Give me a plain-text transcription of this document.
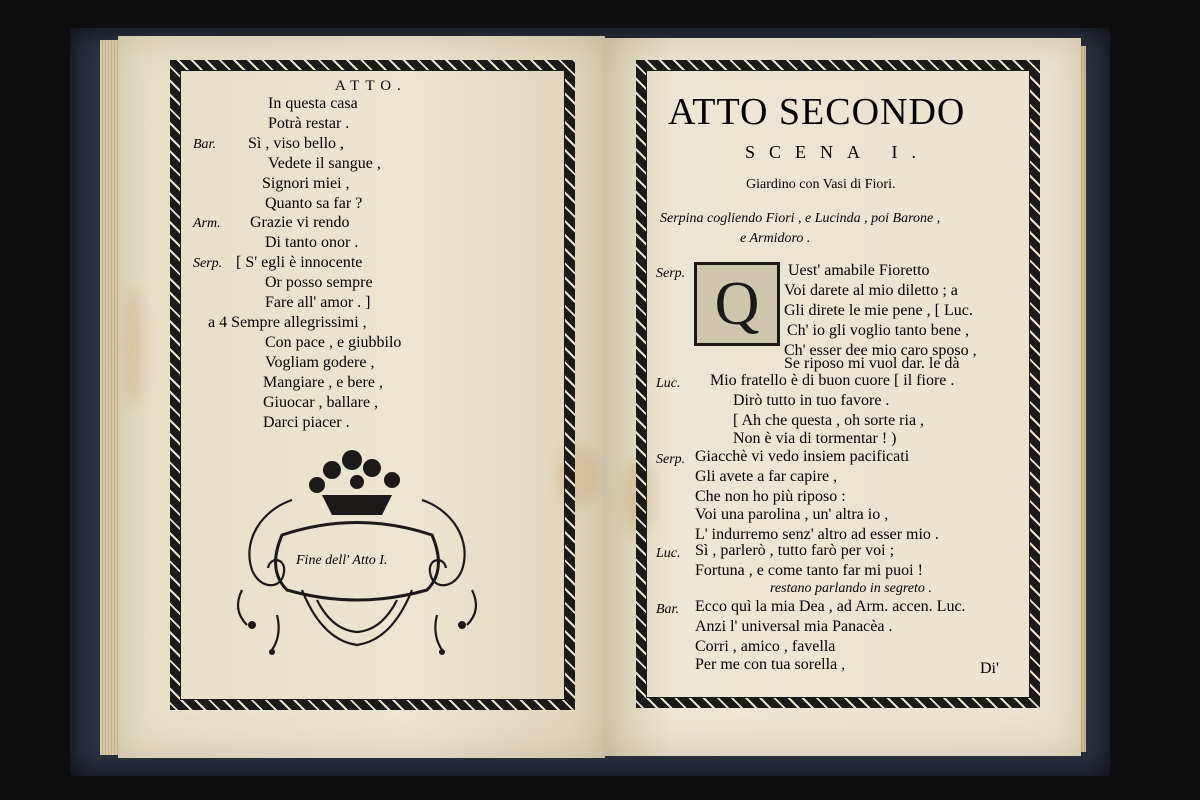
ATTO.
In questa casa
Potrà restar .
Bar. Sì , viso bello ,
Vedete il sangue ,
Signori miei ,
Quanto sa far ?
Arm. Grazie vi rendo
Di tanto onor .
Serp. [ S' egli è innocente
Or posso sempre
Fare all' amor . ]
a 4 Sempre allegrissimi ,
Con pace , e giubbilo
Vogliam godere ,
Mangiare , e bere ,
Giuocar , ballare ,
Darci piacer .
Fine dell' Atto I.
ATTO SECONDO
SCENA I.
Giardino con Vasi di Fiori.
Serpina cogliendo Fiori , e Lucinda , poi Barone ,
e Armidoro .
Q
Serp.	Uest' amabile Fioretto
Voi darete al mio diletto ; a
Gli direte le mie pene , [ Luc.
Ch' io gli voglio tanto bene ,
Ch' esser dee mio caro sposo ,
Se riposo mi vuol dar. le dà
Luc. Mio fratello è di buon cuore [ il fiore .
Dirò tutto in tuo favore .
[ Ah che questa , oh sorte ria ,
Non è via di tormentar ! )
Serp. Giacchè vi vedo insiem pacificati
Gli avete a far capire ,
Che non ho più riposo :
Voi una parolina , un' altra io ,
L' indurremo senz' altro ad esser mio .
Luc. Sì , parlerò , tutto farò per voi ;
Fortuna , e come tanto far mi puoi !
restano parlando in segreto .
Bar. Ecco quì la mia Dea , ad Arm. accen. Luc.
Anzi l' universal mia Panacèa .
Corri , amico , favella
Per me con tua sorella ,	Di'
